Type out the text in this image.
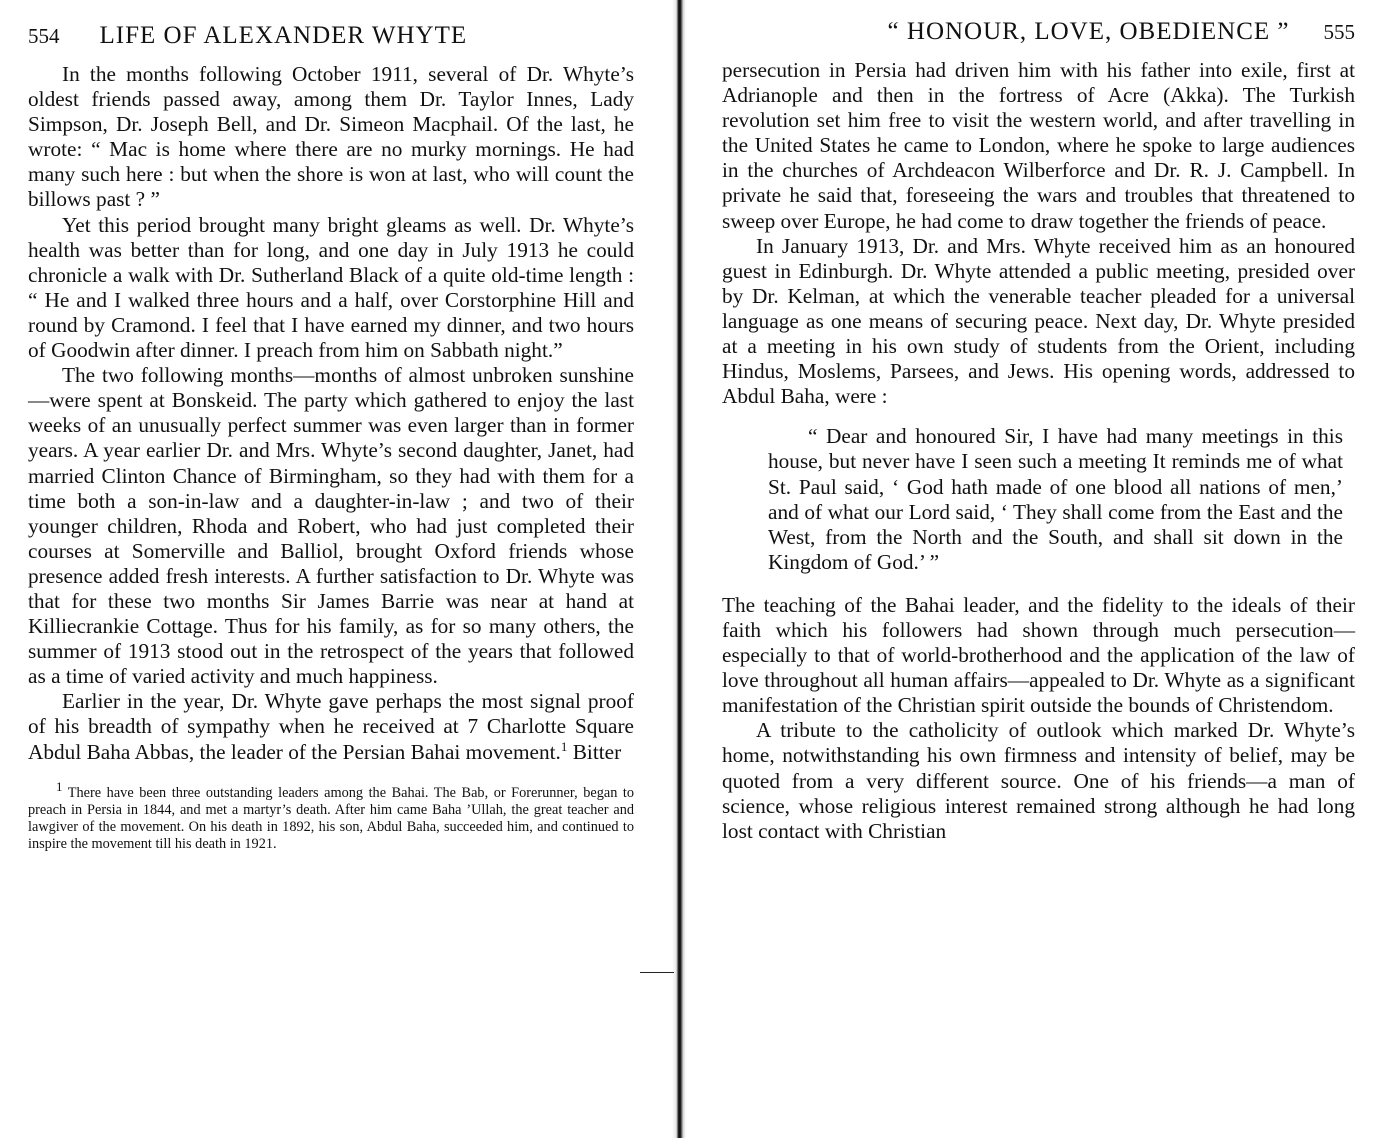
554	LIFE OF ALEXANDER WHYTE

In the months following October 1911, several of Dr. Whyte’s oldest friends passed away, among them Dr. Taylor Innes, Lady Simpson, Dr. Joseph Bell, and Dr. Simeon Macphail. Of the last, he wrote: “ Mac is home where there are no murky mornings. He had many such here : but when the shore is won at last, who will count the billows past ? ”

Yet this period brought many bright gleams as well. Dr. Whyte’s health was better than for long, and one day in July 1913 he could chronicle a walk with Dr. Sutherland Black of a quite old-time length : “ He and I walked three hours and a half, over Corstorphine Hill and round by Cramond. I feel that I have earned my dinner, and two hours of Goodwin after dinner. I preach from him on Sabbath night.”

The two following months—months of almost unbroken sunshine—were spent at Bonskeid. The party which gathered to enjoy the last weeks of an unusually perfect summer was even larger than in former years. A year earlier Dr. and Mrs. Whyte’s second daughter, Janet, had married Clinton Chance of Birmingham, so they had with them for a time both a son-in-law and a daughter-in-law ; and two of their younger children, Rhoda and Robert, who had just completed their courses at Somerville and Balliol, brought Oxford friends whose presence added fresh interests. A further satisfaction to Dr. Whyte was that for these two months Sir James Barrie was near at hand at Killiecrankie Cottage. Thus for his family, as for so many others, the summer of 1913 stood out in the retrospect of the years that followed as a time of varied activity and much happiness.

Earlier in the year, Dr. Whyte gave perhaps the most signal proof of his breadth of sympathy when he received at 7 Charlotte Square Abdul Baha Abbas, the leader of the Persian Bahai movement.$^1$ Bitter

1 There have been three outstanding leaders among the Bahai. The Bab, or Forerunner, began to preach in Persia in 1844, and met a martyr’s death. After him came Baha ’Ullah, the great teacher and lawgiver of the movement. On his death in 1892, his son, Abdul Baha, succeeded him, and continued to inspire the movement till his death in 1921.

“ HONOUR, LOVE, OBEDIENCE ”	555

persecution in Persia had driven him with his father into exile, first at Adrianople and then in the fortress of Acre (Akka). The Turkish revolution set him free to visit the western world, and after travelling in the United States he came to London, where he spoke to large audiences in the churches of Archdeacon Wilberforce and Dr. R. J. Campbell. In private he said that, foreseeing the wars and troubles that threatened to sweep over Europe, he had come to draw together the friends of peace.

In January 1913, Dr. and Mrs. Whyte received him as an honoured guest in Edinburgh. Dr. Whyte attended a public meeting, presided over by Dr. Kelman, at which the venerable teacher pleaded for a universal language as one means of securing peace. Next day, Dr. Whyte presided at a meeting in his own study of students from the Orient, including Hindus, Moslems, Parsees, and Jews. His opening words, addressed to Abdul Baha, were :

“ Dear and honoured Sir, I have had many meetings in this house, but never have I seen such a meeting It reminds me of what St. Paul said, ‘ God hath made of one blood all nations of men,’ and of what our Lord said, ‘ They shall come from the East and the West, from the North and the South, and shall sit down in the Kingdom of God.’ ”

The teaching of the Bahai leader, and the fidelity to the ideals of their faith which his followers had shown through much persecution—especially to that of world-brotherhood and the application of the law of love throughout all human affairs—appealed to Dr. Whyte as a significant manifestation of the Christian spirit outside the bounds of Christendom.

A tribute to the catholicity of outlook which marked Dr. Whyte’s home, notwithstanding his own firmness and intensity of belief, may be quoted from a very different source. One of his friends—a man of science, whose religious interest remained strong although he had long lost contact with Christian
